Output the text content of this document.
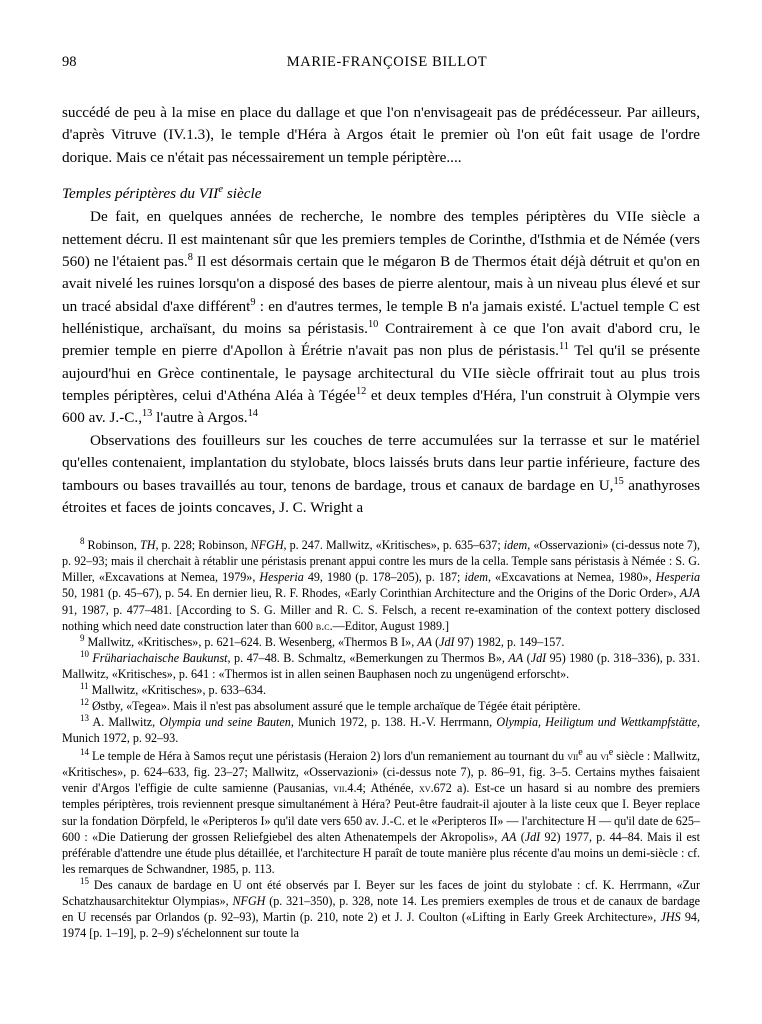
98	MARIE-FRANÇOISE BILLOT

succédé de peu à la mise en place du dallage et que l'on n'envisageait pas de prédécesseur. Par ailleurs, d'après Vitruve (IV.1.3), le temple d'Héra à Argos était le premier où l'on eût fait usage de l'ordre dorique. Mais ce n'était pas nécessairement un temple périptère....

Temples périptères du VIIe siècle

De fait, en quelques années de recherche, le nombre des temples périptères du VIIe siècle a nettement décru. Il est maintenant sûr que les premiers temples de Corinthe, d'Isthmia et de Némée (vers 560) ne l'étaient pas.$^8$ Il est désormais certain que le mégaron B de Thermos était déjà détruit et qu'on en avait nivelé les ruines lorsqu'on a disposé des bases de pierre alentour, mais à un niveau plus élevé et sur un tracé absidal d'axe différent$^9$ : en d'autres termes, le temple B n'a jamais existé. L'actuel temple C est hellénistique, archaïsant, du moins sa péristasis.$^{10}$ Contrairement à ce que l'on avait d'abord cru, le premier temple en pierre d'Apollon à Érétrie n'avait pas non plus de péristasis.$^{11}$ Tel qu'il se présente aujourd'hui en Grèce continentale, le paysage architectural du VIIe siècle offrirait tout au plus trois temples périptères, celui d'Athéna Aléa à Tégée$^{12}$ et deux temples d'Héra, l'un construit à Olympie vers 600 av. J.-C.,$^{13}$ l'autre à Argos.$^{14}$

Observations des fouilleurs sur les couches de terre accumulées sur la terrasse et sur le matériel qu'elles contenaient, implantation du stylobate, blocs laissés bruts dans leur partie inférieure, facture des tambours ou bases travaillés au tour, tenons de bardage, trous et canaux de bardage en U,$^{15}$ anathyroses étroites et faces de joints concaves, J. C. Wright a

$^8$ Robinson, TH, p. 228; Robinson, NFGH, p. 247. Mallwitz, «Kritisches», p. 635–637; idem, «Osservazioni» (ci-dessus note 7), p. 92–93; mais il cherchait à rétablir une péristasis prenant appui contre les murs de la cella. Temple sans péristasis à Némée : S. G. Miller, «Excavations at Nemea, 1979», Hesperia 49, 1980 (p. 178–205), p. 187; idem, «Excavations at Nemea, 1980», Hesperia 50, 1981 (p. 45–67), p. 54. En dernier lieu, R. F. Rhodes, «Early Corinthian Architecture and the Origins of the Doric Order», AJA 91, 1987, p. 477–481. [According to S. G. Miller and R. C. S. Felsch, a recent re-examination of the context pottery disclosed nothing which need date construction later than 600 b.c.—Editor, August 1989.]

$^9$ Mallwitz, «Kritisches», p. 621–624. B. Wesenberg, «Thermos B I», AA (JdI 97) 1982, p. 149–157.

$^{10}$ Frühariachaische Baukunst, p. 47–48. B. Schmaltz, «Bemerkungen zu Thermos B», AA (JdI 95) 1980 (p. 318–336), p. 331. Mallwitz, «Kritisches», p. 641 : «Thermos ist in allen seinen Bauphasen noch zu ungenügend erforscht».

$^{11}$ Mallwitz, «Kritisches», p. 633–634.

$^{12}$ Østby, «Tegea». Mais il n'est pas absolument assuré que le temple archaïque de Tégée était périptère.

$^{13}$ A. Mallwitz, Olympia und seine Bauten, Munich 1972, p. 138. H.-V. Herrmann, Olympia, Heiligtum und Wettkampfstätte, Munich 1972, p. 92–93.

$^{14}$ Le temple de Héra à Samos reçut une péristasis (Heraion 2) lors d'un remaniement au tournant du vii$^e$ au $vi^e$ siècle : Mallwitz, «Kritisches», p. 624–633, fig. 23–27; Mallwitz, «Osservazioni» (ci-dessus note 7), p. 86–91, fig. 3–5. Certains mythes faisaient venir d'Argos l'effigie de culte samienne (Pausanias, vii.4.4; Athénée, xv.672 a). Est-ce un hasard si au nombre des premiers temples périptères, trois reviennent presque simultanément à Héra? Peut-être faudrait-il ajouter à la liste ceux que I. Beyer replace sur la fondation Dörpfeld, le «Peripteros I» qu'il date vers 650 av. J.-C. et le «Peripteros II» — l'architecture H — qu'il date de 625–600 : «Die Datierung der grossen Reliefgiebel des alten Athenatempels der Akropolis», AA (JdI 92) 1977, p. 44–84. Mais il est préférable d'attendre une étude plus détaillée, et l'architecture H paraît de toute manière plus récente d'au moins un demi-siècle : cf. les remarques de Schwandner, 1985, p. 113.

$^{15}$ Des canaux de bardage en U ont été observés par I. Beyer sur les faces de joint du stylobate : cf. K. Herrmann, «Zur Schatzhausarchitektur Olympias», NFGH (p. 321–350), p. 328, note 14. Les premiers exemples de trous et de canaux de bardage en U recensés par Orlandos (p. 92–93), Martin (p. 210, note 2) et J. J. Coulton («Lifting in Early Greek Architecture», JHS 94, 1974 [p. 1–19], p. 2–9) s'échelonnent sur toute la
